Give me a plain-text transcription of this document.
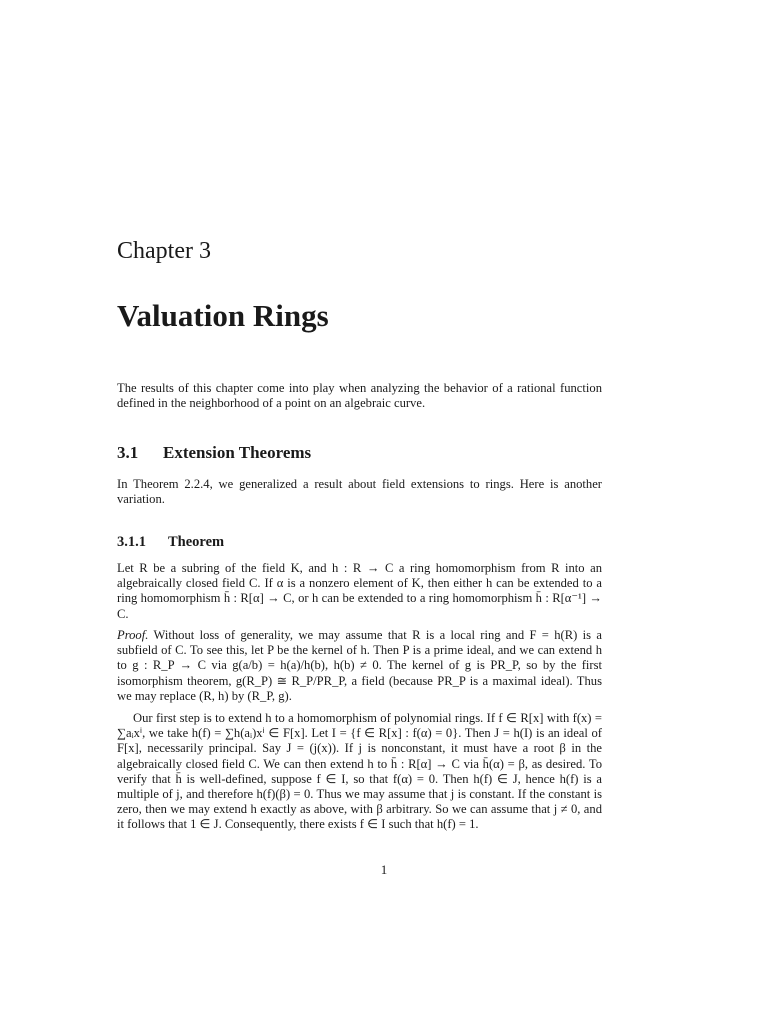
Chapter 3
Valuation Rings
The results of this chapter come into play when analyzing the behavior of a rational function defined in the neighborhood of a point on an algebraic curve.
3.1 Extension Theorems
In Theorem 2.2.4, we generalized a result about field extensions to rings. Here is another variation.
3.1.1 Theorem
Let R be a subring of the field K, and h : R → C a ring homomorphism from R into an algebraically closed field C. If α is a nonzero element of K, then either h can be extended to a ring homomorphism h̄ : R[α] → C, or h can be extended to a ring homomorphism h̄ : R[α⁻¹] → C.
Proof. Without loss of generality, we may assume that R is a local ring and F = h(R) is a subfield of C. To see this, let P be the kernel of h. Then P is a prime ideal, and we can extend h to g : R_P → C via g(a/b) = h(a)/h(b), h(b) ≠ 0. The kernel of g is PR_P, so by the first isomorphism theorem, g(R_P) ≅ R_P/PR_P, a field (because PR_P is a maximal ideal). Thus we may replace (R, h) by (R_P, g).
Our first step is to extend h to a homomorphism of polynomial rings. If f ∈ R[x] with f(x) = ∑aᵢxⁱ, we take h(f) = ∑h(aᵢ)xⁱ ∈ F[x]. Let I = {f ∈ R[x] : f(α) = 0}. Then J = h(I) is an ideal of F[x], necessarily principal. Say J = (j(x)). If j is nonconstant, it must have a root β in the algebraically closed field C. We can then extend h to h̄ : R[α] → C via h̄(α) = β, as desired. To verify that h̄ is well-defined, suppose f ∈ I, so that f(α) = 0. Then h(f) ∈ J, hence h(f) is a multiple of j, and therefore h(f)(β) = 0. Thus we may assume that j is constant. If the constant is zero, then we may extend h exactly as above, with β arbitrary. So we can assume that j ≠ 0, and it follows that 1 ∈ J. Consequently, there exists f ∈ I such that h(f) = 1.
1
